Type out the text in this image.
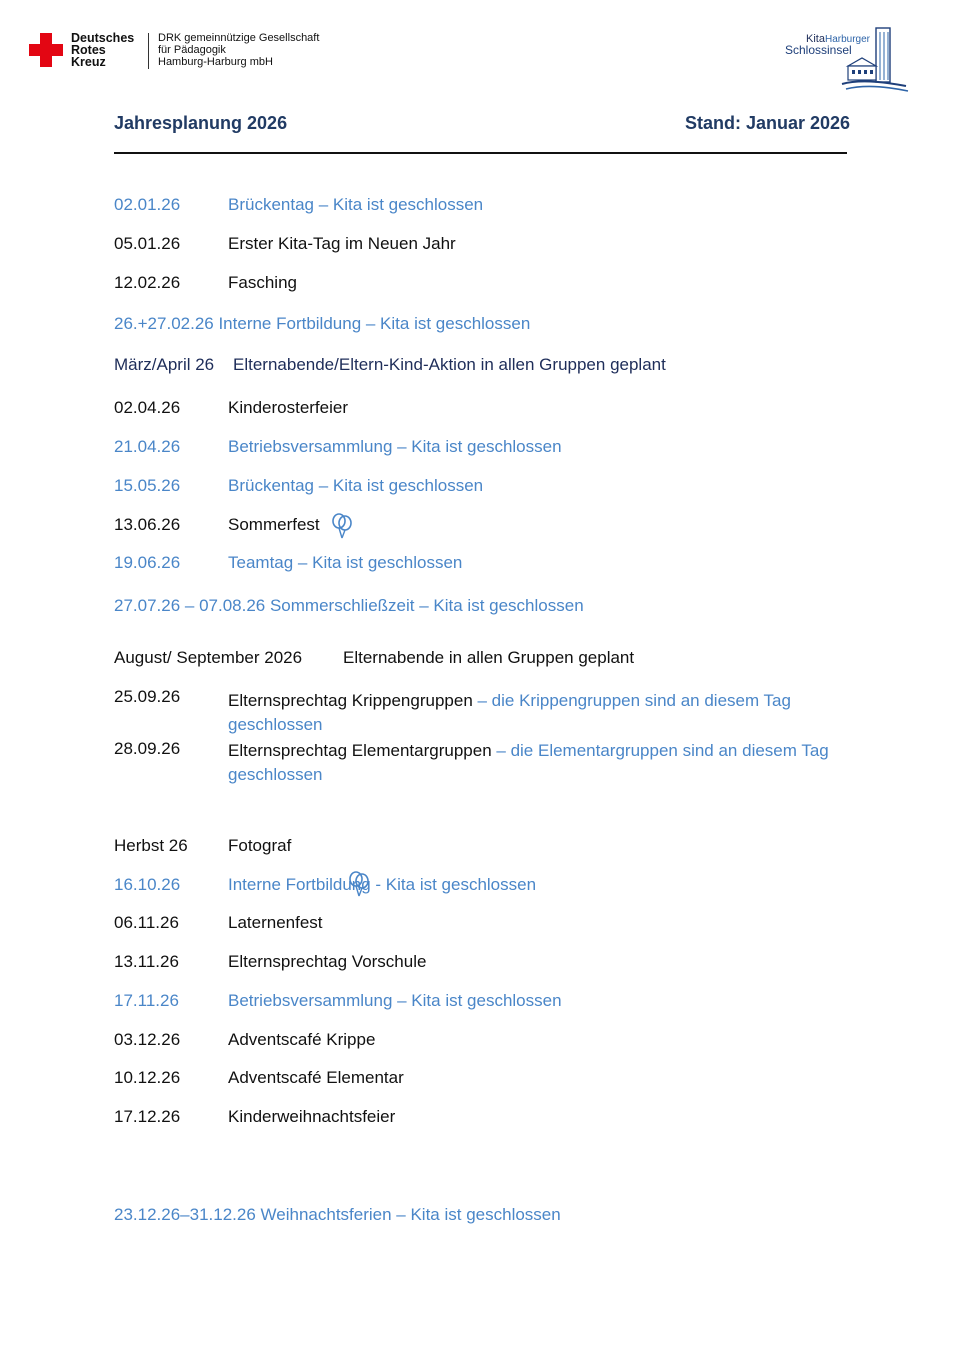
Deutsches
Rotes
Kreuz
DRK gemeinnützige Gesellschaft
für Pädagogik
Hamburg-Harburg mbH
KitaHarburger
Schlossinsel
Jahresplanung 2026	Stand: Januar 2026
02.01.26	Brückentag – Kita ist geschlossen
05.01.26	Erster Kita-Tag im Neuen Jahr
12.02.26	Fasching
26.+27.02.26 Interne Fortbildung – Kita ist geschlossen
März/April 26 Elternabende/Eltern-Kind-Aktion in allen Gruppen geplant
02.04.26	Kinderosterfeier
21.04.26	Betriebsversammlung – Kita ist geschlossen
15.05.26	Brückentag – Kita ist geschlossen
13.06.26	Sommerfest
19.06.26	Teamtag – Kita ist geschlossen
27.07.26 – 07.08.26 Sommerschließzeit – Kita ist geschlossen
August/ September 2026 Elternabende in allen Gruppen geplant
25.09.26	Elternsprechtag Krippengruppen – die Krippengruppen sind an diesem Tag geschlossen
28.09.26	Elternsprechtag Elementargruppen – die Elementargruppen sind an diesem Tag geschlossen
Herbst 26 Fotograf
16.10.26	Interne Fortbildung - Kita ist geschlossen
06.11.26	Laternenfest
13.11.26	Elternsprechtag Vorschule
17.11.26	Betriebsversammlung – Kita ist geschlossen
03.12.26	Adventscafé Krippe
10.12.26	Adventscafé Elementar
17.12.26	Kinderweihnachtsfeier
23.12.26–31.12.26 Weihnachtsferien – Kita ist geschlossen
